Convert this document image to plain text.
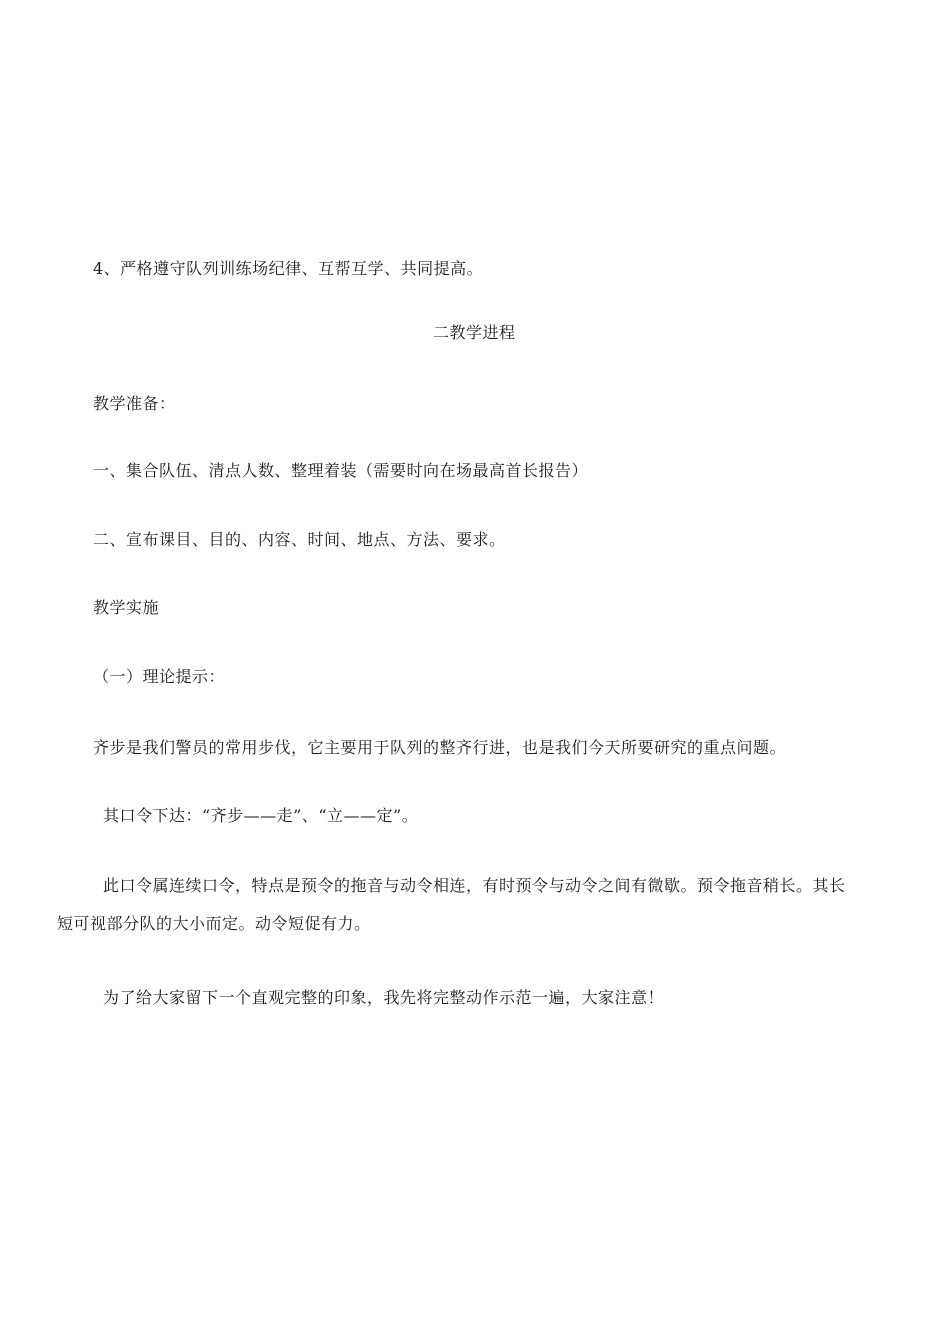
4、严格遵守队列训练场纪律、互帮互学、共同提高。
二教学进程
教学准备：
一、集合队伍、清点人数、整理着装（需要时向在场最高首长报告）
二、宣布课目、目的、内容、时间、地点、方法、要求。
教学实施
（一）理论提示：
齐步是我们警员的常用步伐，它主要用于队列的整齐行进，也是我们今天所要研究的重点问题。
其口令下达：“齐步——走”、“立——定”。
此口令属连续口令，特点是预令的拖音与动令相连，有时预令与动令之间有微歇。预令拖音稍长。其长
短可视部分队的大小而定。动令短促有力。
为了给大家留下一个直观完整的印象，我先将完整动作示范一遍，大家注意！
